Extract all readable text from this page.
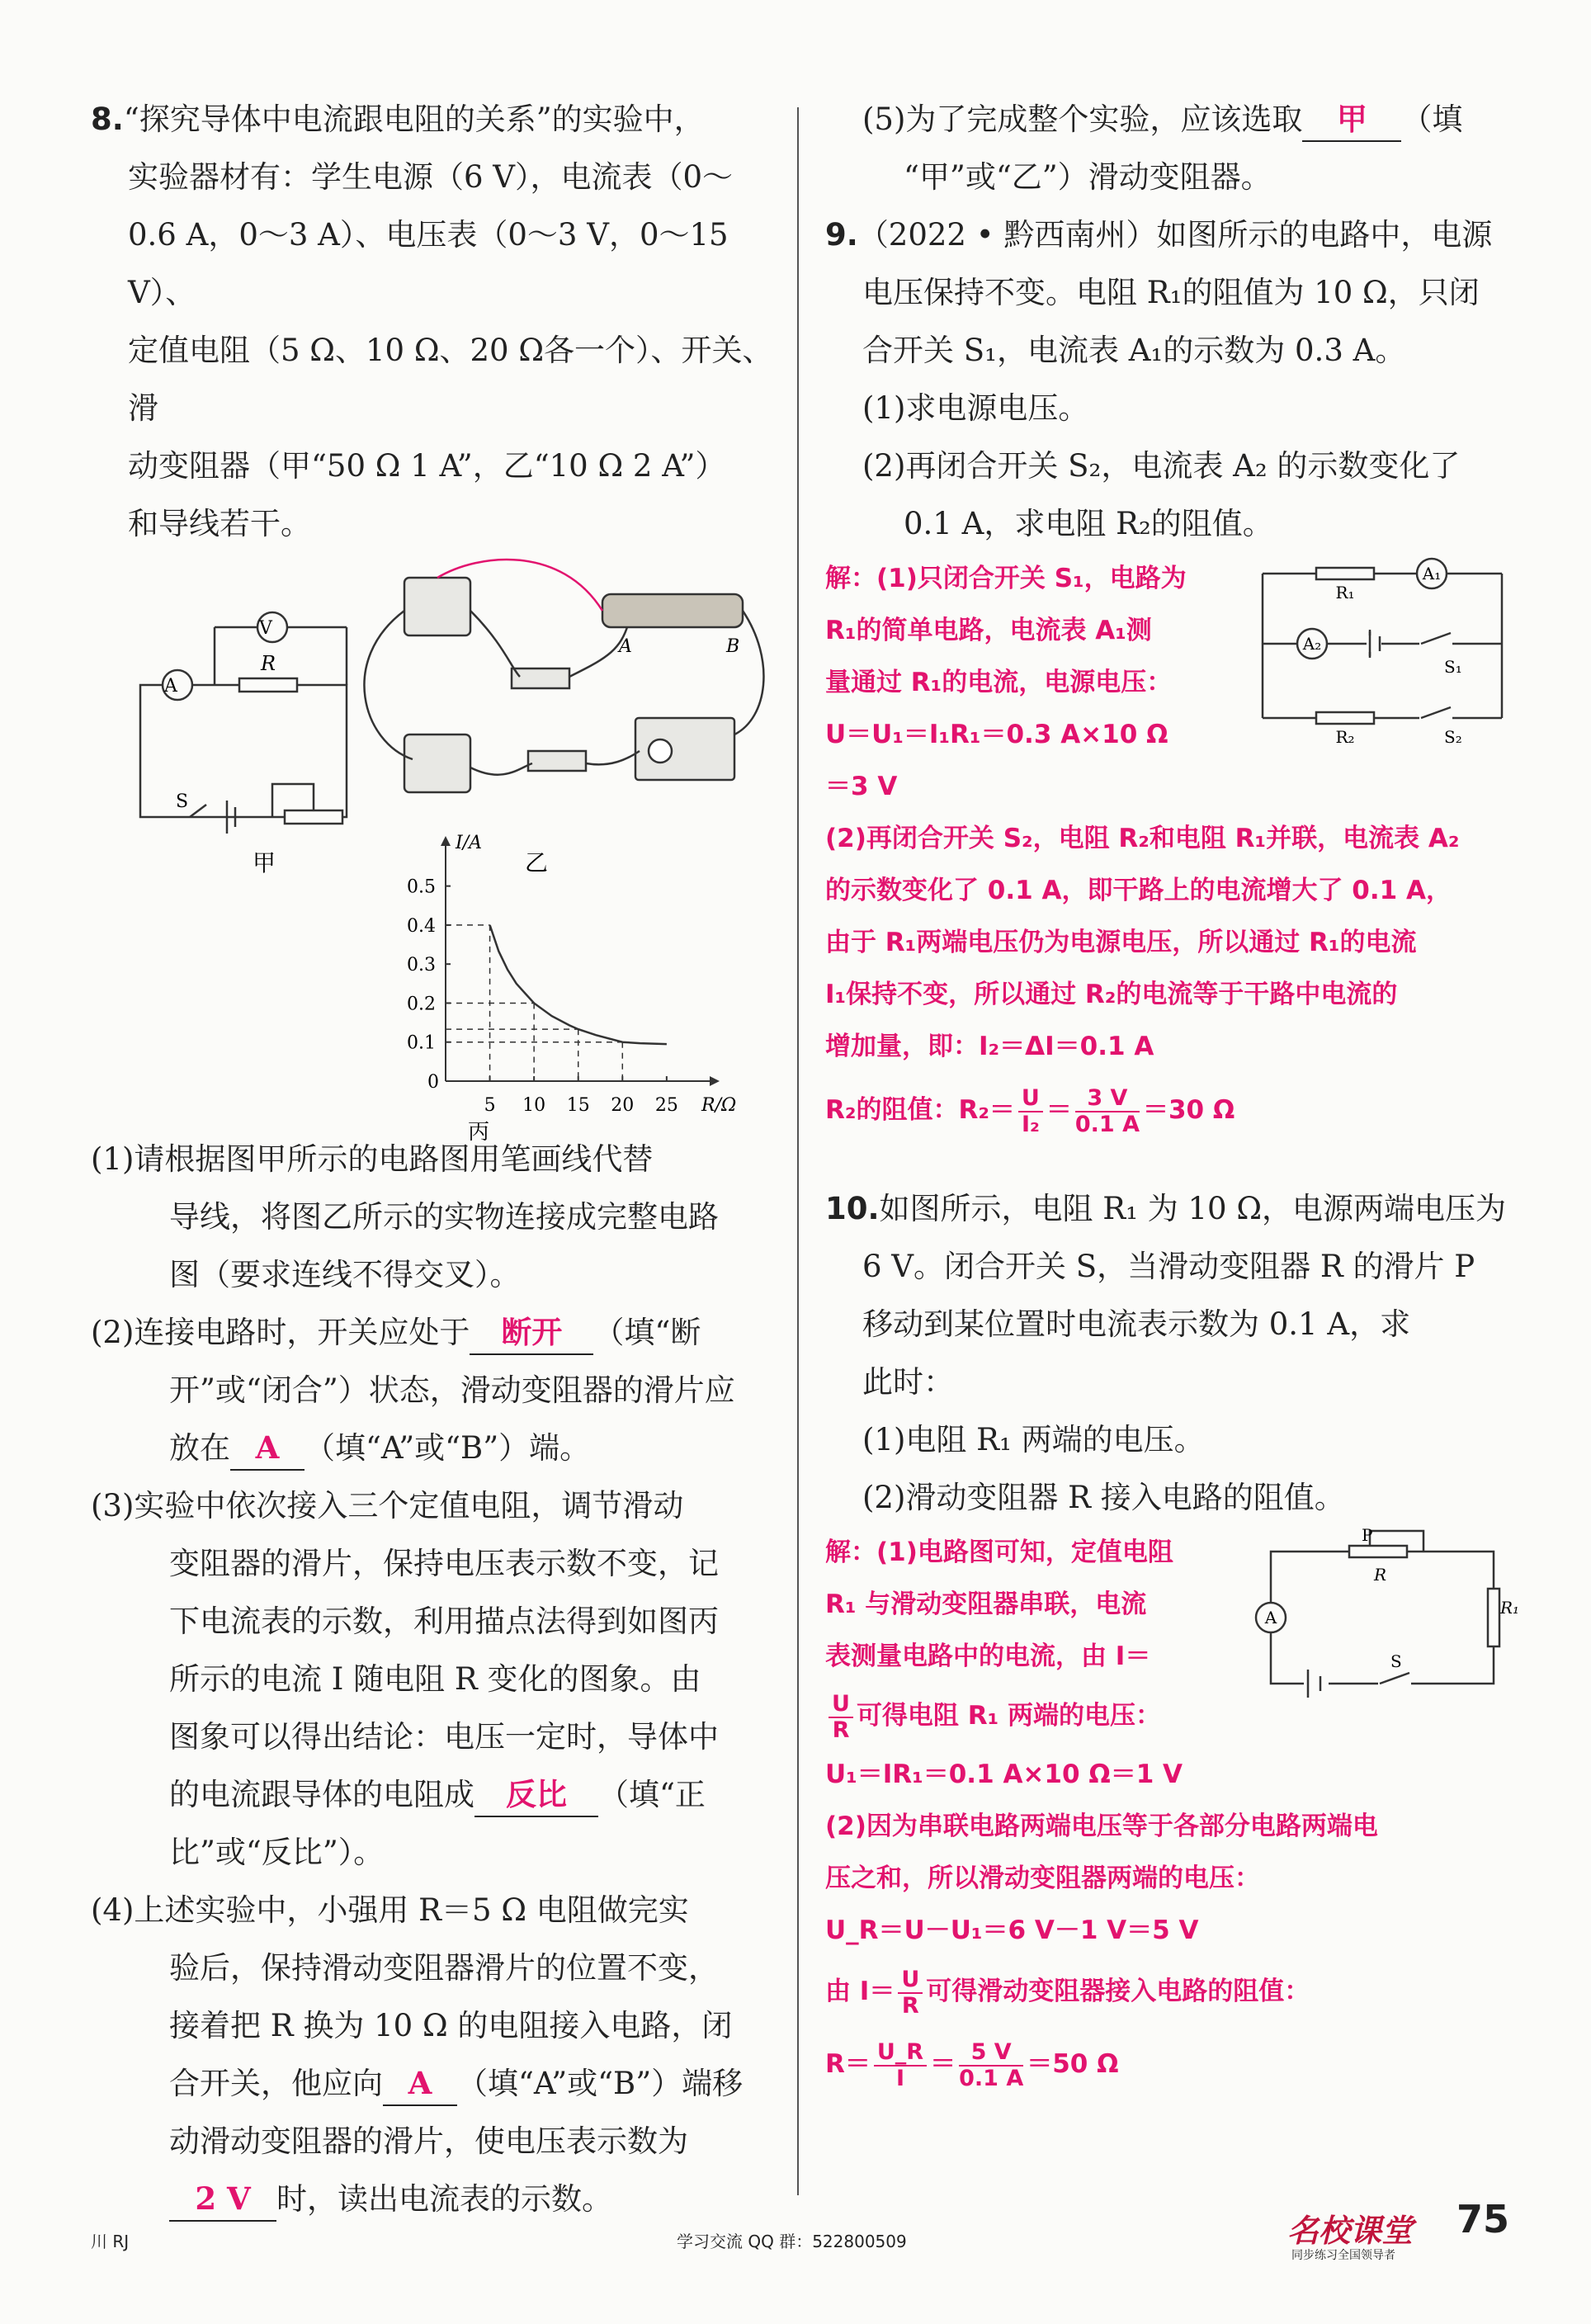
8.“探究导体中电流跟电阻的关系”的实验中，
实验器材有：学生电源（6 V），电流表（0～
0.6 A，0～3 A）、电压表（0～3 V，0～15 V）、
定值电阻（5 Ω、10 Ω、20 Ω各一个）、开关、滑
动变阻器（甲“50 Ω 1 A”，乙“10 Ω 2 A”）
和导线若干。
V
A
R
S
甲
A	B
乙
I/A
R/Ω
0
5 10 15 20 25
0.1
0.2
0.3
0.4
0.5
丙
(1)请根据图甲所示的电路图用笔画线代替
导线，将图乙所示的实物连接成完整电路
图（要求连线不得交叉）。
(2)连接电路时，开关应处于 断开 （填“断
开”或“闭合”）状态，滑动变阻器的滑片应
放在 A （填“A”或“B”）端。
(3)实验中依次接入三个定值电阻，调节滑动
变阻器的滑片，保持电压表示数不变，记
下电流表的示数，利用描点法得到如图丙
所示的电流 I 随电阻 R 变化的图象。由
图象可以得出结论：电压一定时，导体中
的电流跟导体的电阻成 反比 （填“正
比”或“反比”）。
(4)上述实验中，小强用 R＝5 Ω 电阻做完实
验后，保持滑动变阻器滑片的位置不变，
接着把 R 换为 10 Ω 的电阻接入电路，闭
合开关，他应向 A （填“A”或“B”）端移
动滑动变阻器的滑片，使电压表示数为
2 V 时，读出电流表的示数。
(5)为了完成整个实验，应该选取 甲 （填
“甲”或“乙”）滑动变阻器。
9.（2022 • 黔西南州）如图所示的电路中，电源
电压保持不变。电阻 R₁的阻值为 10 Ω，只闭
合开关 S₁，电流表 A₁的示数为 0.3 A。
(1)求电源电压。
(2)再闭合开关 S₂，电流表 A₂ 的示数变化了
0.1 A，求电阻 R₂的阻值。
解：(1)只闭合开关 S₁，电路为
R₁的简单电路，电流表 A₁测
量通过 R₁的电流，电源电压：
U＝U₁＝I₁R₁＝0.3 A×10 Ω
＝3 V
R₁
R₂
A₁
A₂
S₁
S₂
(2)再闭合开关 S₂，电阻 R₂和电阻 R₁并联，电流表 A₂
的示数变化了 0.1 A，即干路上的电流增大了 0.1 A，
由于 R₁两端电压仍为电源电压，所以通过 R₁的电流
I₁保持不变，所以通过 R₂的电流等于干路中电流的
增加量，即：I₂＝ΔI＝0.1 A
R₂的阻值：$R_2= \frac{U}{\text{I₂}} = \frac{3 V}{0.1 A} =30$ Ω
10.如图所示，电阻 R₁ 为 10 Ω，电源两端电压为
6 V。闭合开关 S，当滑动变阻器 R 的滑片 P
移动到某位置时电流表示数为 0.1 A，求
此时：
(1)电阻 R₁ 两端的电压。
(2)滑动变阻器 R 接入电路的阻值。
解：(1)电路图可知，定值电阻
R₁ 与滑动变阻器串联，电流
表测量电路中的电流，由 I＝
$\frac{U}{R}$ 可得电阻 R₁ 两端的电压：
P
R
R₁
S
A
U₁＝IR₁＝0.1 A×10 Ω＝1 V
(2)因为串联电路两端电压等于各部分电路两端电
压之和，所以滑动变阻器两端的电压：
U_R＝U－U₁＝6 V－1 V＝5 V
由 $I= \frac{U}{R}$ 可得滑动变阻器接入电路的阻值：
$R= \frac{U\_R}{I} = \frac{5 V}{0.1 A} =50$ Ω
川 RJ	学习交流 QQ 群：522800509	名校课堂
同步练习全国领导者
75
